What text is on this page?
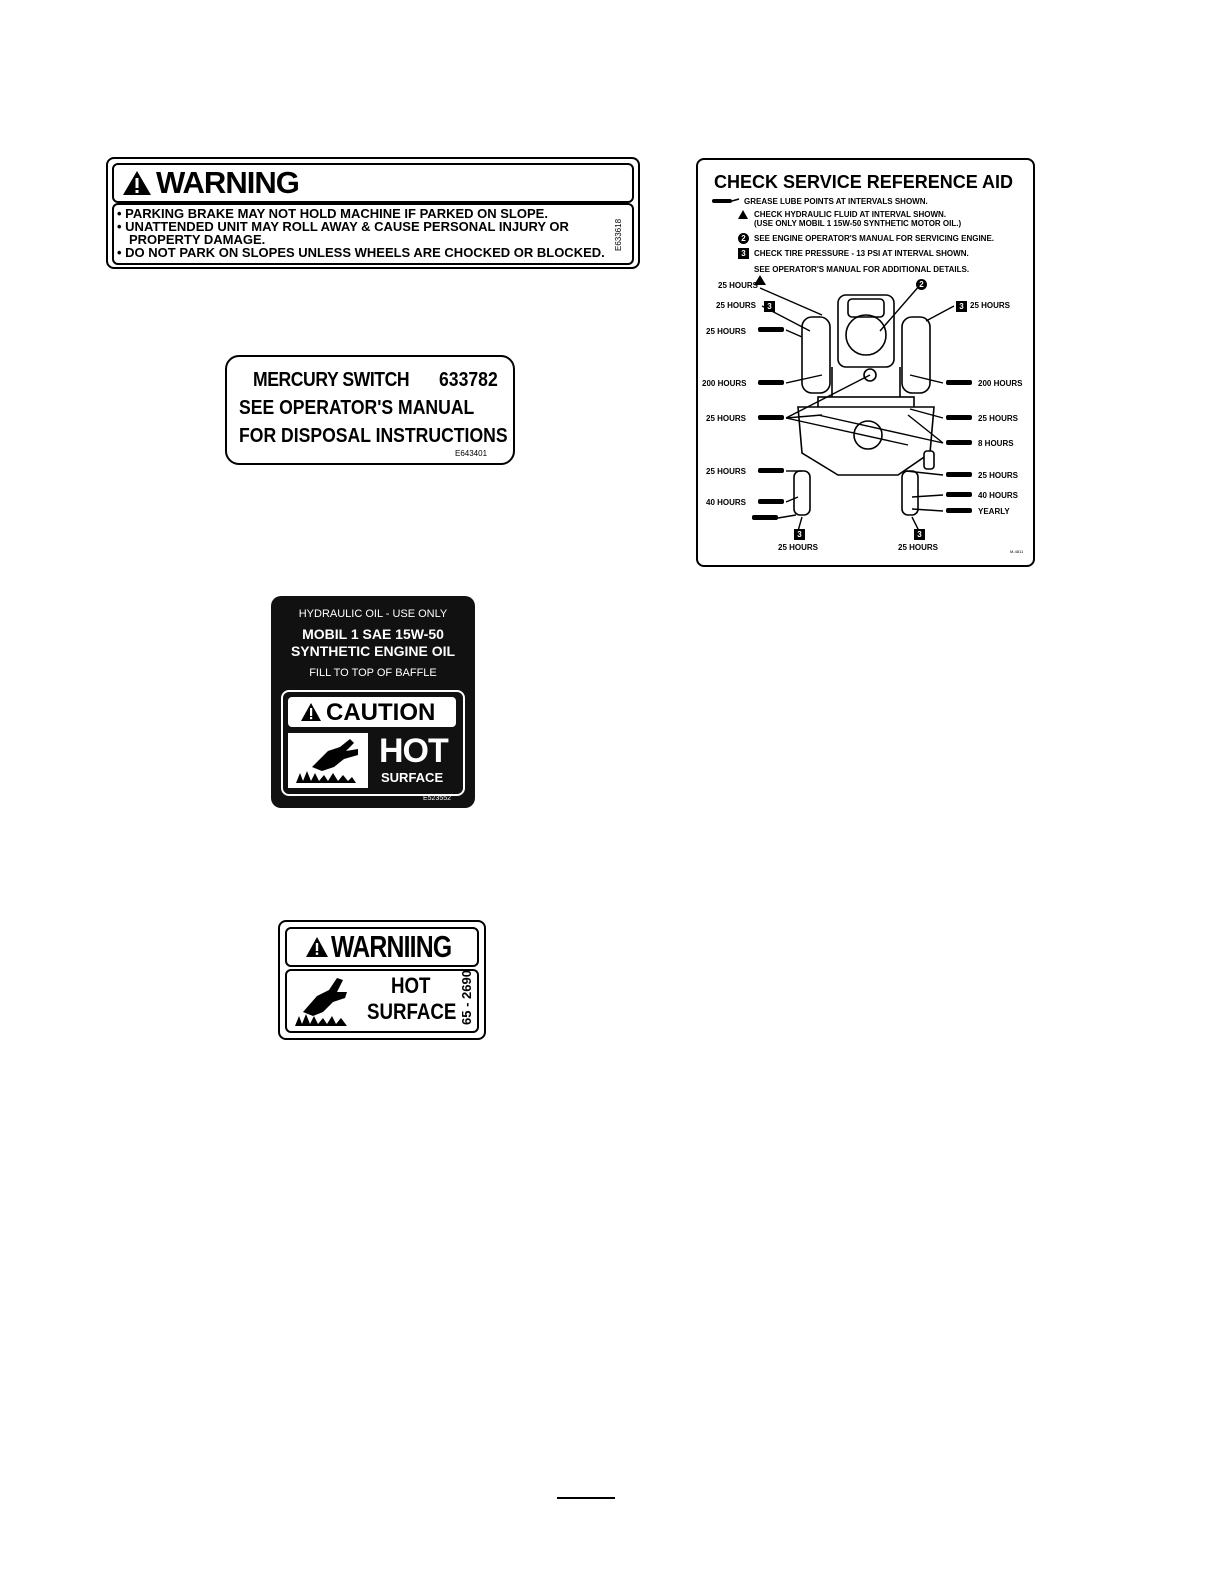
WARNING
• PARKING BRAKE MAY NOT HOLD MACHINE IF PARKED ON SLOPE.
• UNATTENDED UNIT MAY ROLL AWAY & CAUSE PERSONAL INJURY OR
PROPERTY DAMAGE.
• DO NOT PARK ON SLOPES UNLESS WHEELS ARE CHOCKED OR BLOCKED.
E633618
MERCURY SWITCH 633782
SEE OPERATOR'S MANUAL
FOR DISPOSAL INSTRUCTIONS
E643401
HYDRAULIC OIL - USE ONLY
MOBIL 1 SAE 15W-50
SYNTHETIC ENGINE OIL
FILL TO TOP OF BAFFLE
CAUTION
HOT
SURFACE
E523552
WARNIING
HOT
SURFACE 65 - 2690
CHECK SERVICE REFERENCE AID
GREASE LUBE POINTS AT INTERVALS SHOWN.
CHECK HYDRAULIC FLUID AT INTERVAL SHOWN.
(USE ONLY MOBIL 1 15W-50 SYNTHETIC MOTOR OIL.)
2	SEE ENGINE OPERATOR'S MANUAL FOR SERVICING ENGINE.
3	CHECK TIRE PRESSURE - 13 PSI AT INTERVAL SHOWN.
SEE OPERATOR'S MANUAL FOR ADDITIONAL DETAILS.
3	3
2
3	3
25 HOURS
25 HOURS
25 HOURS
200 HOURS
25 HOURS
25 HOURS
40 HOURS
25 HOURS
200 HOURS
25 HOURS
8 HOURS
25 HOURS
40 HOURS
YEARLY
25 HOURS	25 HOURS	M-4811
